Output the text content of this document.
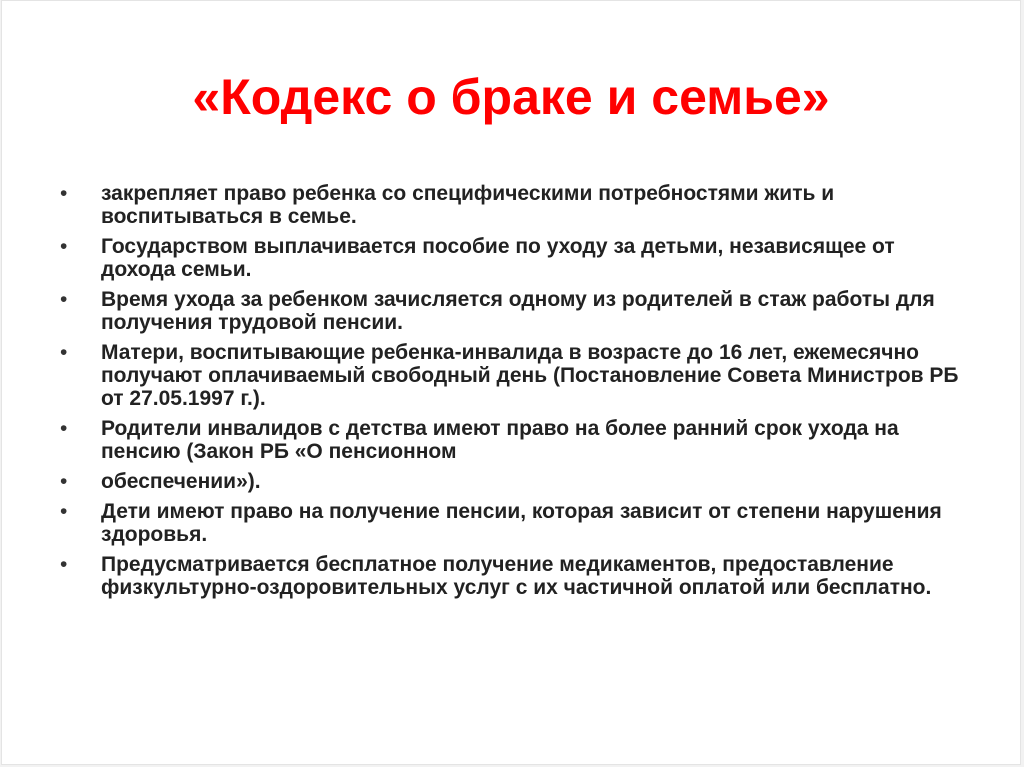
«Кодекс о браке и семье»
•	закрепляет право ребенка со специфическими потребностями жить и воспитываться в семье.
•	Государством выплачивается пособие по уходу за детьми, независящее от дохода семьи.
•	Время ухода за ребенком зачисляется одному из родителей в стаж работы для получения трудовой пенсии.
•	Матери, воспитывающие ребенка-инвалида в возрасте до 16 лет, ежемесячно получают оплачиваемый свободный день (Постановление Совета Министров РБ от 27.05.1997 г.).
•	Родители инвалидов с детства имеют право на более ранний срок ухода на пенсию (Закон РБ «О пенсионном
•	обеспечении»).
•	Дети имеют право на получение пенсии, которая зависит от степени нарушения здоровья.
•	Предусматривается бесплатное получение медикаментов, предоставление физкультурно-оздоровительных услуг с их частичной оплатой или бесплатно.
